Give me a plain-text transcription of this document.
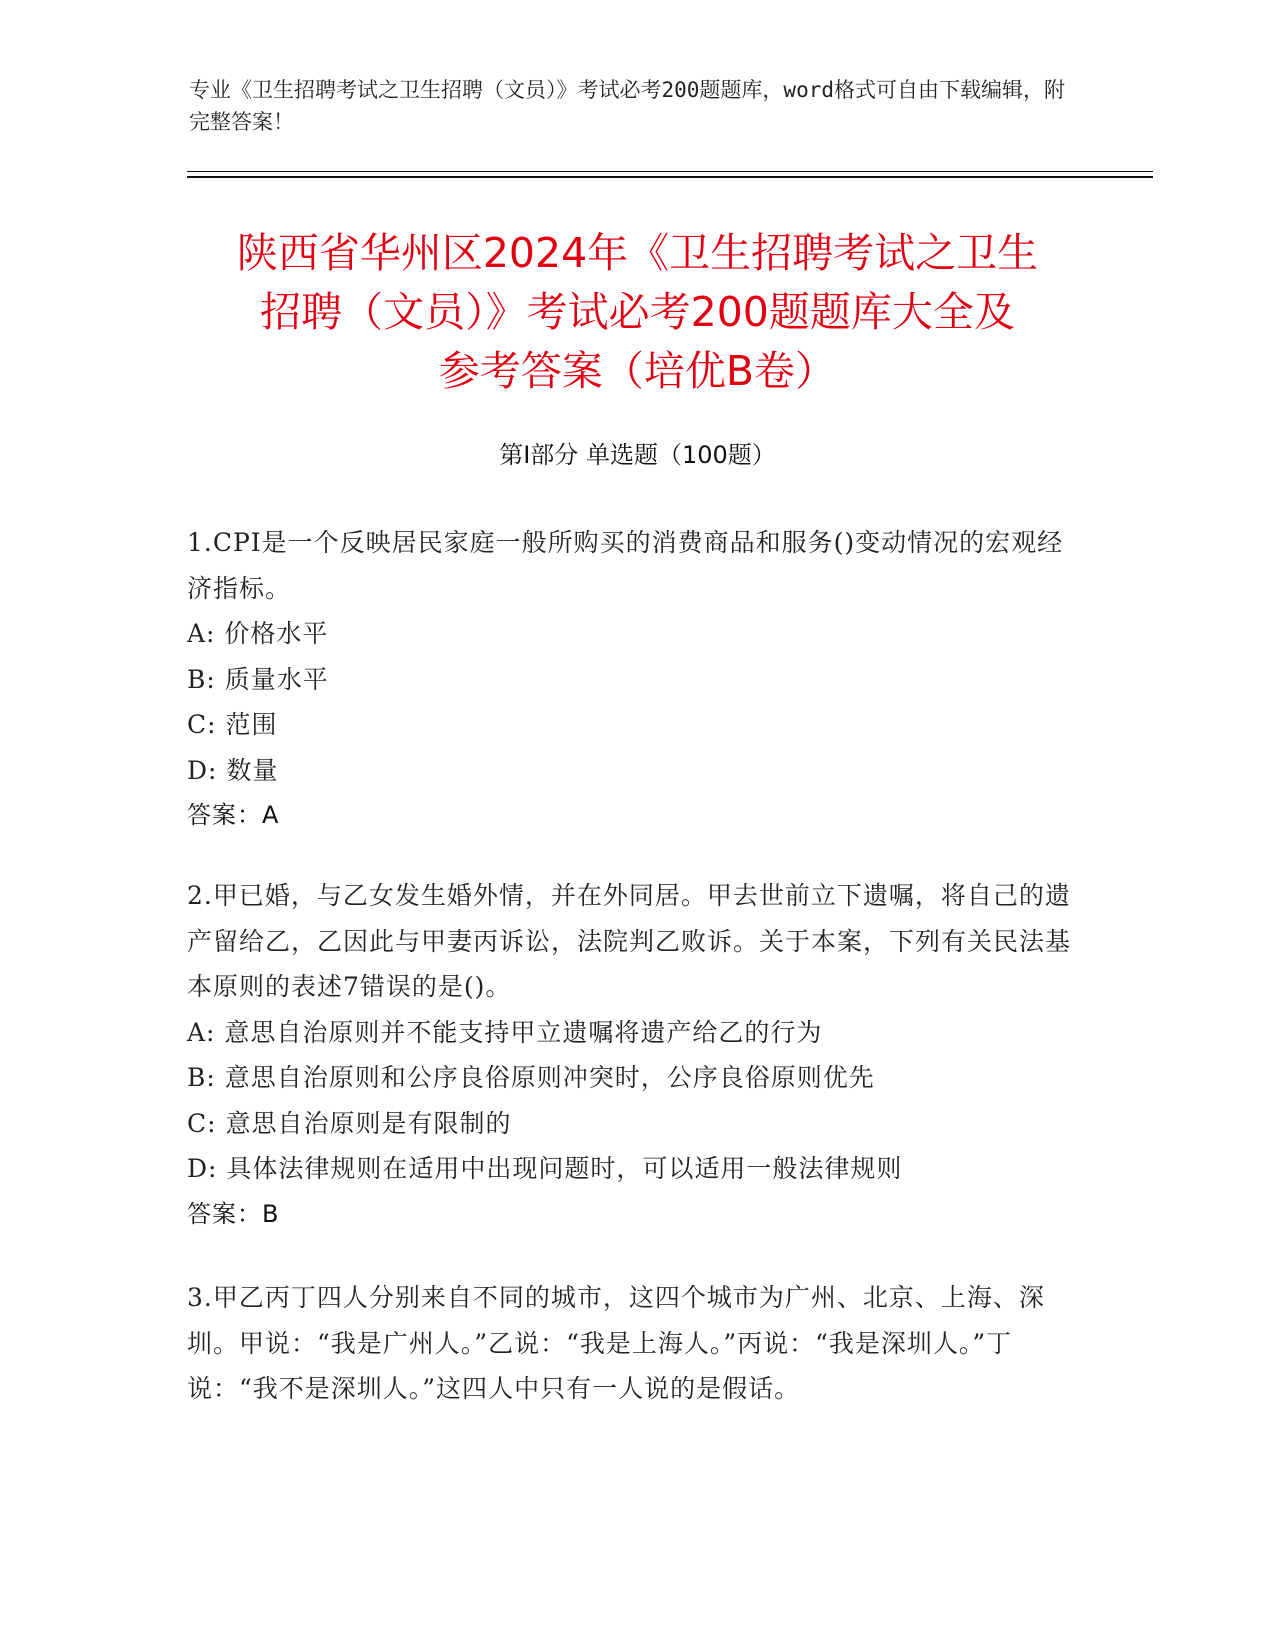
专业《卫生招聘考试之卫生招聘（文员）》考试必考200题题库，word格式可自由下载编辑，附完整答案！
陕西省华州区2024年《卫生招聘考试之卫生
招聘（文员）》考试必考200题题库大全及
参考答案（培优B卷）
第I部分 单选题（100题）

1.CPI是一个反映居民家庭一般所购买的消费商品和服务()变动情况的宏观经济指标。

A: 价格水平

B: 质量水平

C: 范围

D: 数量

答案：A

2.甲已婚，与乙女发生婚外情，并在外同居。甲去世前立下遗嘱，将自己的遗产留给乙，乙因此与甲妻丙诉讼，法院判乙败诉。关于本案，下列有关民法基本原则的表述7错误的是()。

A: 意思自治原则并不能支持甲立遗嘱将遗产给乙的行为

B: 意思自治原则和公序良俗原则冲突时，公序良俗原则优先

C: 意思自治原则是有限制的

D: 具体法律规则在适用中出现问题时，可以适用一般法律规则

答案：B

3.甲乙丙丁四人分别来自不同的城市，这四个城市为广州、北京、上海、深圳。甲说：“我是广州人。”乙说：“我是上海人。”丙说：“我是深圳人。”丁说：“我不是深圳人。”这四人中只有一人说的是假话。
